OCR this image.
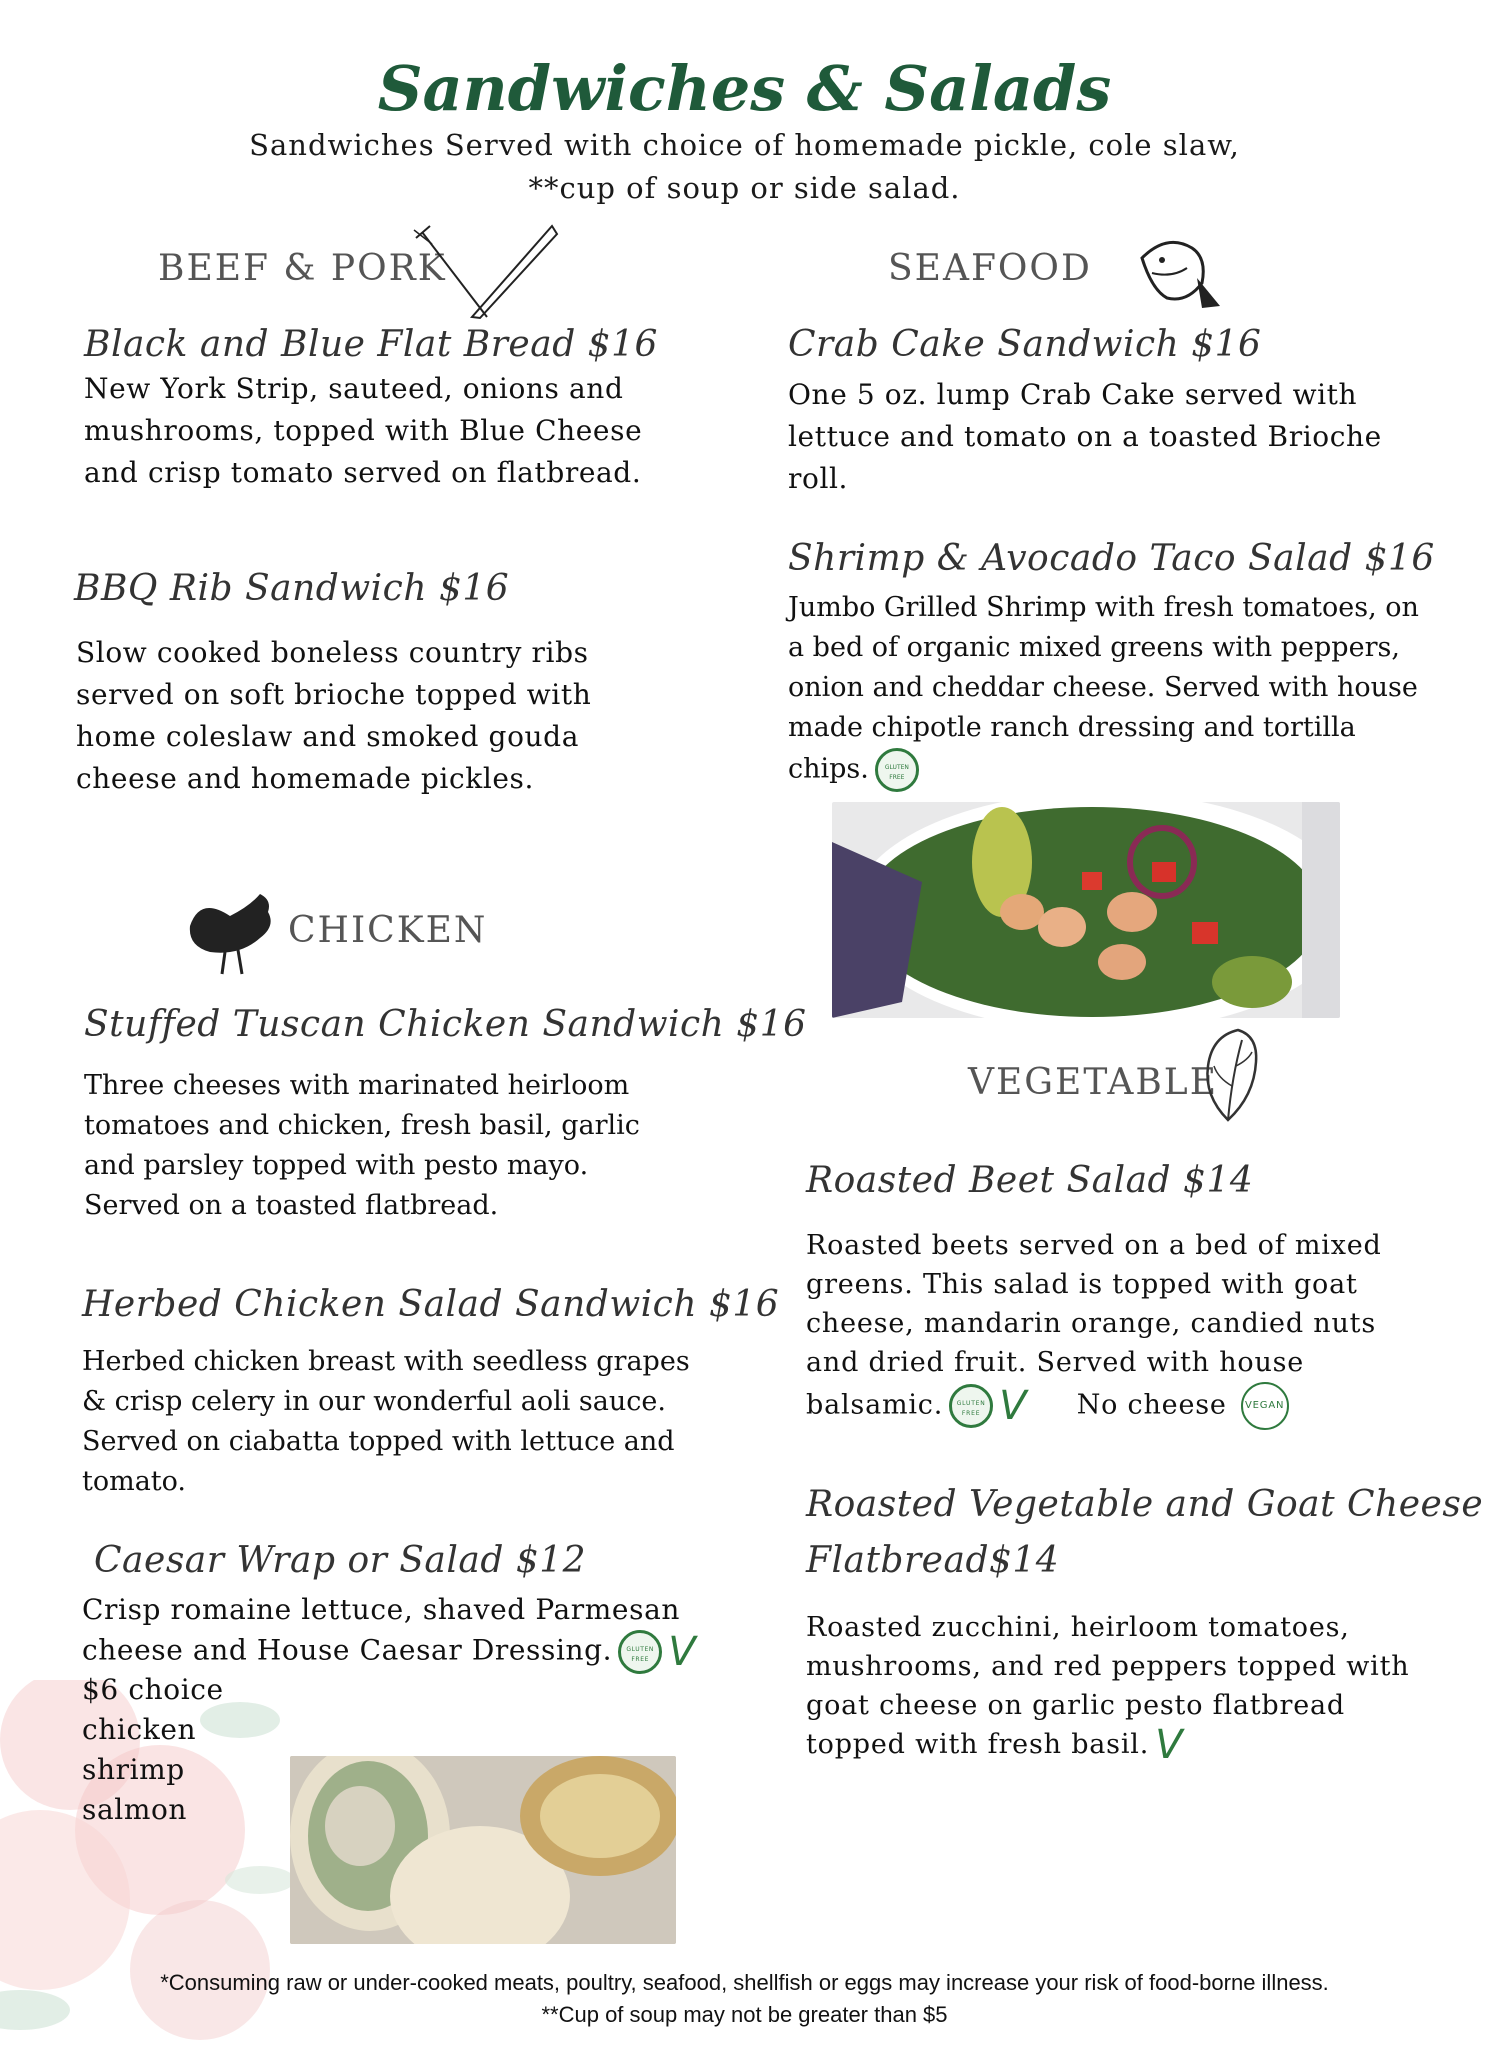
Sandwiches & Salads
Sandwiches Served with choice of homemade pickle, cole slaw,
**cup of soup or side salad.
BEEF & PORK	SEAFOOD
Black and Blue Flat Bread $16
New York Strip, sauteed, onions and mushrooms, topped with Blue Cheese and crisp tomato served on flatbread.
BBQ Rib Sandwich $16
Slow cooked boneless country ribs served on soft brioche topped with home coleslaw and smoked gouda cheese and homemade pickles.
CHICKEN
Stuffed Tuscan Chicken Sandwich $16
Three cheeses with marinated heirloom tomatoes and chicken, fresh basil, garlic and parsley topped with pesto mayo. Served on a toasted flatbread.
Herbed Chicken Salad Sandwich $16
Herbed chicken breast with seedless grapes & crisp celery in our wonderful aoli sauce. Served on ciabatta topped with lettuce and tomato.
Caesar Wrap or Salad $12
Crisp romaine lettuce, shaved Parmesan cheese and House Caesar Dressing. GLUTEN FREE V
$6 choice
chicken
shrimp
salmon
Crab Cake Sandwich $16
One 5 oz. lump Crab Cake served with lettuce and tomato on a toasted Brioche roll.
Shrimp & Avocado Taco Salad $16
Jumbo Grilled Shrimp with fresh tomatoes, on a bed of organic mixed greens with peppers, onion and cheddar cheese. Served with house made chipotle ranch dressing and tortilla chips.	GLUTEN FREE
VEGETABLE
Roasted Beet Salad $14
Roasted beets served on a bed of mixed greens. This salad is topped with goat cheese, mandarin orange, candied nuts and dried fruit. Served with house balsamic. GLUTEN FREE V No cheese VEGAN
Roasted Vegetable and Goat Cheese
Flatbread$14
Roasted zucchini, heirloom tomatoes, mushrooms, and red peppers topped with goat cheese on garlic pesto flatbread topped with fresh basil. V
*Consuming raw or under-cooked meats, poultry, seafood, shellfish or eggs may increase your risk of food-borne illness.
**Cup of soup may not be greater than $5
